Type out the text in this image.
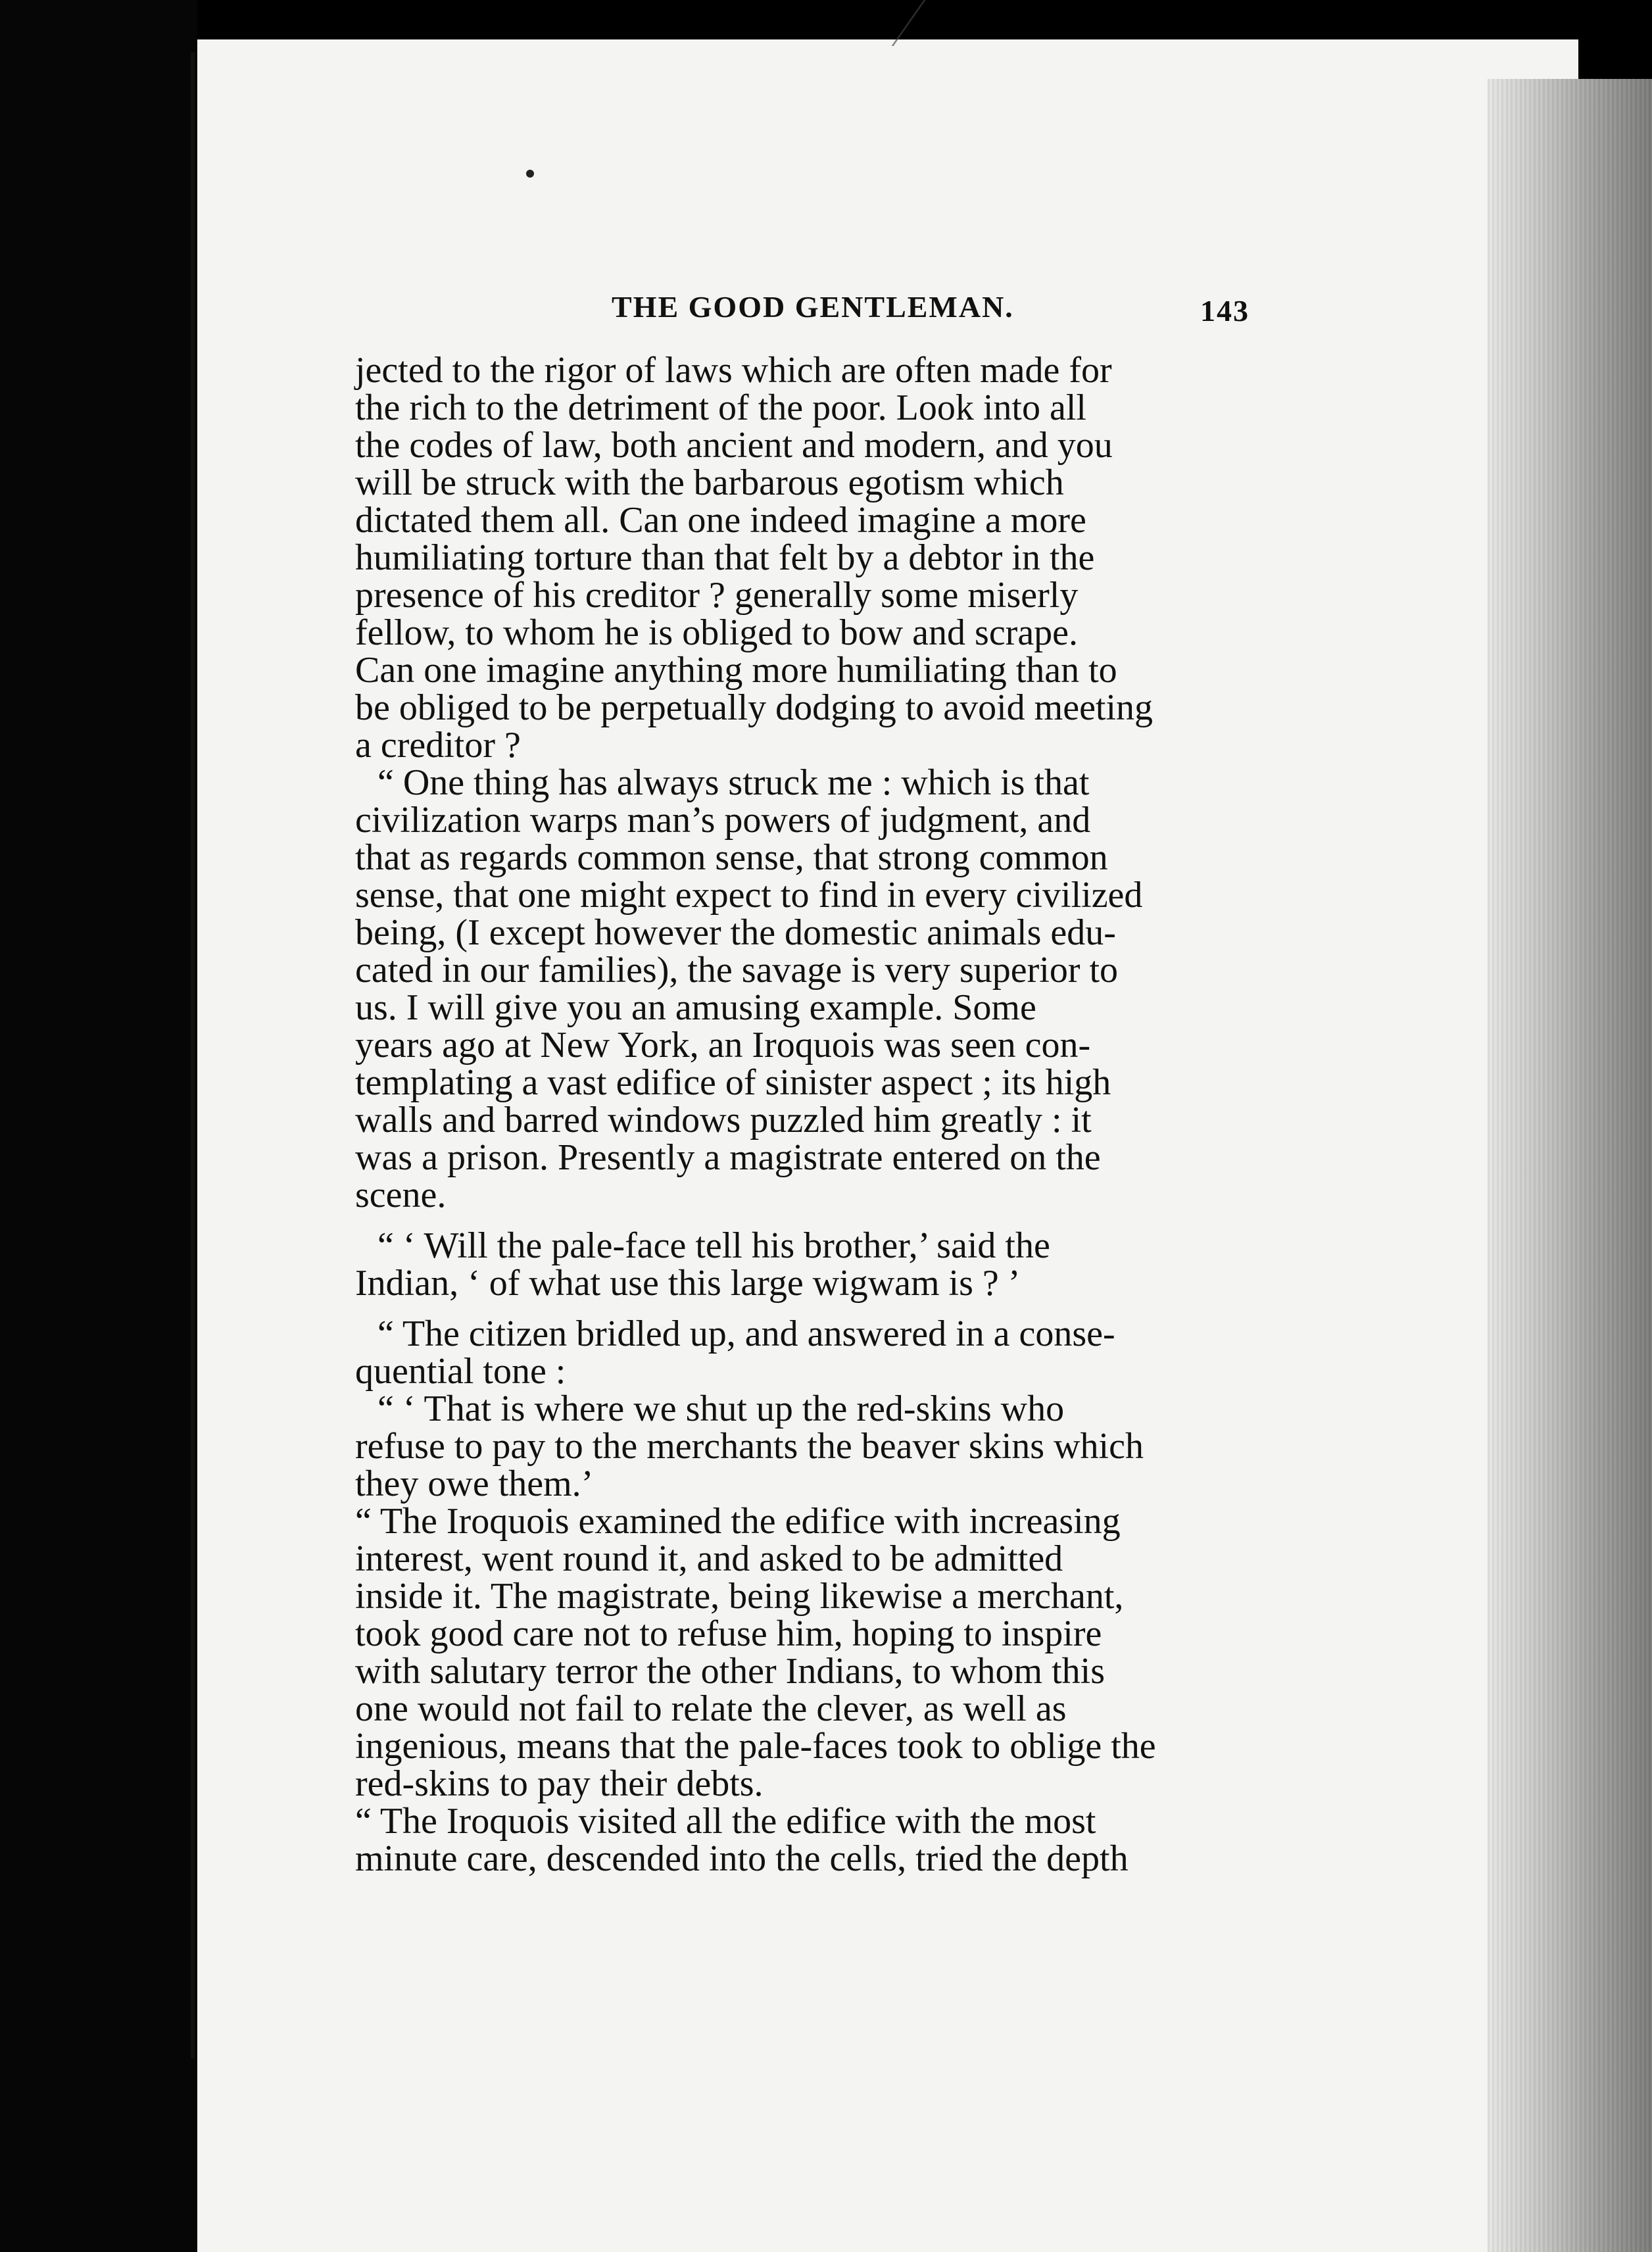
THE GOOD GENTLEMAN.	143
jected to the rigor of laws which are often made for
the rich to the detriment of the poor. Look into all
the codes of law, both ancient and modern, and you
will be struck with the barbarous egotism which
dictated them all. Can one indeed imagine a more
humiliating torture than that felt by a debtor in the
presence of his creditor ? generally some miserly
fellow, to whom he is obliged to bow and scrape.
Can one imagine anything more humiliating than to
be obliged to be perpetually dodging to avoid meeting
a creditor ?
“ One thing has always struck me : which is that
civilization warps man’s powers of judgment, and
that as regards common sense, that strong common
sense, that one might expect to find in every civilized
being, (I except however the domestic animals edu-
cated in our families), the savage is very superior to
us. I will give you an amusing example. Some
years ago at New York, an Iroquois was seen con-
templating a vast edifice of sinister aspect ; its high
walls and barred windows puzzled him greatly : it
was a prison. Presently a magistrate entered on the
scene.
“ ‘ Will the pale-face tell his brother,’ said the
Indian, ‘ of what use this large wigwam is ? ’
“ The citizen bridled up, and answered in a conse-
quential tone :
“ ‘ That is where we shut up the red-skins who
refuse to pay to the merchants the beaver skins which
they owe them.’
“ The Iroquois examined the edifice with increasing
interest, went round it, and asked to be admitted
inside it. The magistrate, being likewise a merchant,
took good care not to refuse him, hoping to inspire
with salutary terror the other Indians, to whom this
one would not fail to relate the clever, as well as
ingenious, means that the pale-faces took to oblige the
red-skins to pay their debts.
“ The Iroquois visited all the edifice with the most
minute care, descended into the cells, tried the depth
